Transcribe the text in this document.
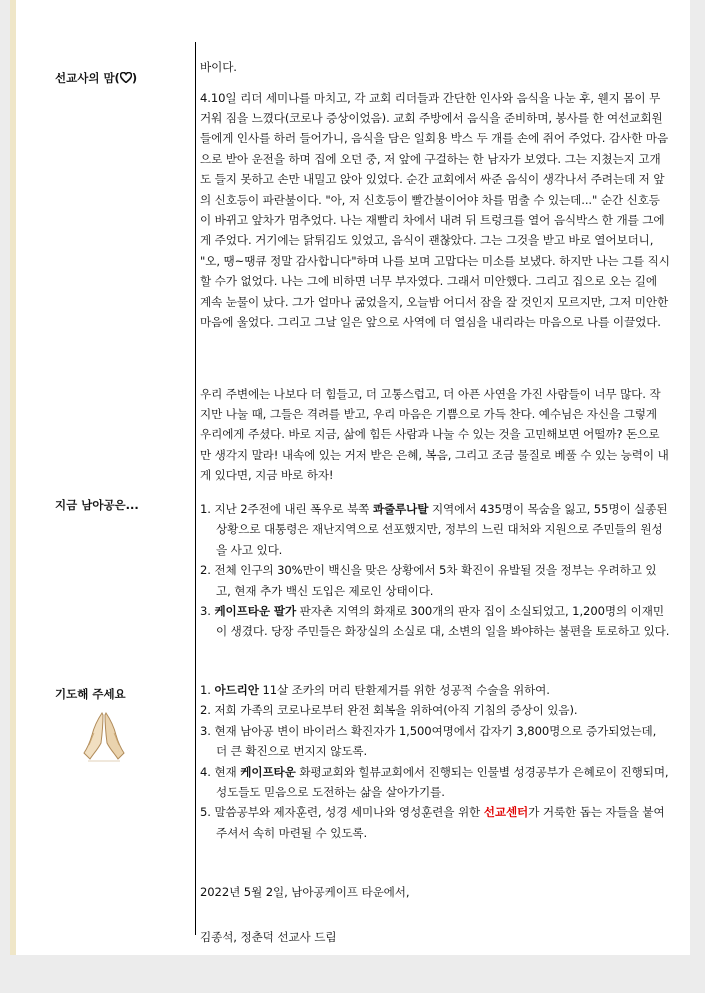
선교사의 맘( )
지금 남아공은...
기도해 주세요

바이다.

4.10일 리더 세미나를 마치고, 각 교회 리더들과 간단한 인사와 음식을 나눈 후, 웬지 몸이 무거워 짐을 느꼈다(코로나 증상이었음). 교회 주방에서 음식을 준비하며, 봉사를 한 여선교회원들에게 인사를 하러 들어가니, 음식을 담은 일회용 박스 두 개를 손에 쥐어 주었다. 감사한 마음으로 받아 운전을 하며 집에 오던 중, 저 앞에 구걸하는 한 남자가 보였다. 그는 지쳤는지 고개도 들지 못하고 손만 내밀고 앉아 있었다. 순간 교회에서 싸준 음식이 생각나서 주려는데 저 앞의 신호등이 파란불이다. "아, 저 신호등이 빨간불이어야 차를 멈출 수 있는데..." 순간 신호등이 바뀌고 앞차가 멈추었다. 나는 재빨리 차에서 내려 뒤 트렁크를 열어 음식박스 한 개를 그에게 주었다. 거기에는 닭튀김도 있었고, 음식이 괜찮았다. 그는 그것을 받고 바로 열어보더니, "오, 땡~땡큐 정말 감사합니다"하며 나를 보며 고맙다는 미소를 보냈다. 하지만 나는 그를 직시할 수가 없었다. 나는 그에 비하면 너무 부자였다. 그래서 미안했다. 그리고 집으로 오는 길에 계속 눈물이 났다. 그가 얼마나 굶었을지, 오늘밤 어디서 잠을 잘 것인지 모르지만, 그저 미안한 마음에 울었다. 그리고 그날 일은 앞으로 사역에 더 열심을 내리라는 마음으로 나를 이끌었다.

우리 주변에는 나보다 더 힘들고, 더 고통스럽고, 더 아픈 사연을 가진 사람들이 너무 많다. 작지만 나눌 때, 그들은 격려를 받고, 우리 마음은 기쁨으로 가득 찬다. 예수님은 자신을 그렇게 우리에게 주셨다. 바로 지금, 삶에 힘든 사람과 나눌 수 있는 것을 고민해보면 어떨까? 돈으로만 생각지 말라! 내속에 있는 거저 받은 은혜, 복음, 그리고 조금 물질로 베풀 수 있는 능력이 내게 있다면, 지금 바로 하자!

1. 지난 2주전에 내린 폭우로 북쪽 콰줄루나탈 지역에서 435명이 목숨을 잃고, 55명이 실종된 상황으로 대통령은 재난지역으로 선포했지만, 정부의 느린 대처와 지원으로 주민들의 원성을 사고 있다.

2. 전체 인구의 30%만이 백신을 맞은 상황에서 5차 확진이 유발될 것을 정부는 우려하고 있고, 현재 추가 백신 도입은 제로인 상태이다.

3. 케이프타운 팔가 판자촌 지역의 화재로 300개의 판자 집이 소실되었고, 1,200명의 이재민이 생겼다. 당장 주민들은 화장실의 소실로 대, 소변의 일을 봐야하는 불편을 토로하고 있다.

1. 아드리안 11살 조카의 머리 탄환제거를 위한 성공적 수술을 위하여.

2. 저희 가족의 코로나로부터 완전 회복을 위하여(아직 기침의 증상이 있음).

3. 현재 남아공 변이 바이러스 확진자가 1,500여명에서 갑자기 3,800명으로 증가되었는데, 더 큰 확진으로 번지지 않도록.

4. 현재 케이프타운 화평교회와 힐뷰교회에서 진행되는 인물별 성경공부가 은혜로이 진행되며, 성도들도 믿음으로 도전하는 삶을 살아가기를.

5. 말씀공부와 제자훈련, 성경 세미나와 영성훈련을 위한 선교센터가 거룩한 돕는 자들을 붙여주셔서 속히 마련될 수 있도록.

2022년 5월 2일, 남아공케이프 타운에서,

김종석, 정춘덕 선교사 드림
